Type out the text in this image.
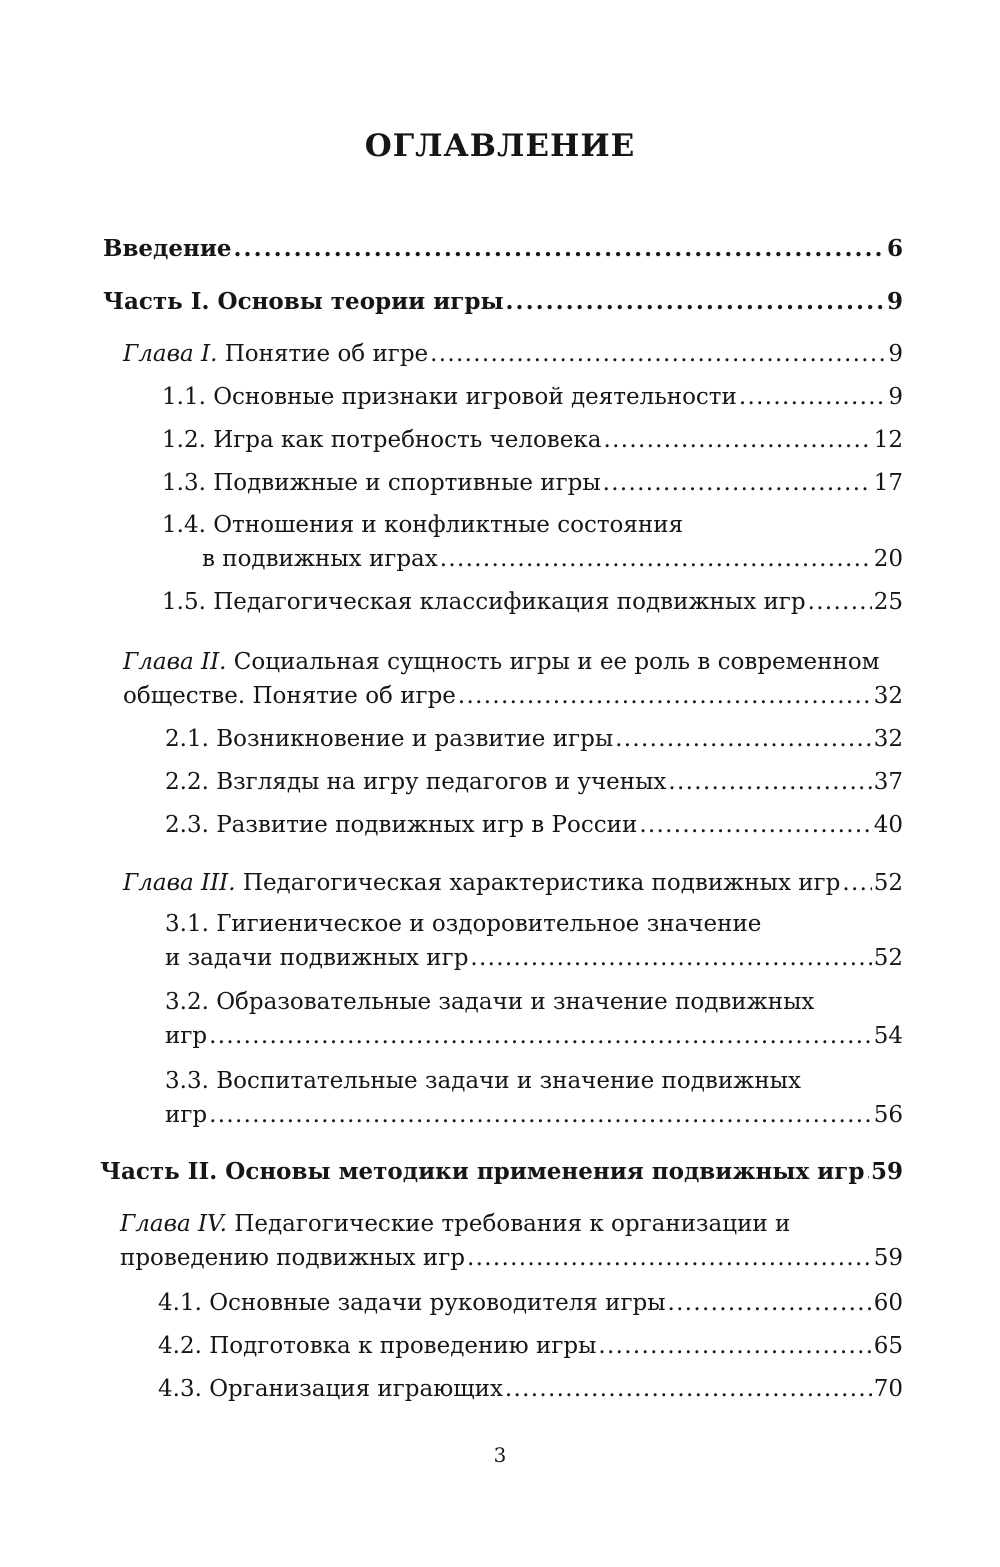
ОГЛАВЛЕНИЕ
Введение . . .	6
Часть I. Основы теории игры . . .	9
Глава I. Понятие об игре . . .	9
1.1. Основные признаки игровой деятельности . . .	9
1.2. Игра как потребность человека . . .	12
1.3. Подвижные и спортивные игры . . .	17
1.4. Отношения и конфликтные состояния
в подвижных играх . . .	20
1.5. Педагогическая классификация подвижных игр . . .	25
Глава II. Социальная сущность игры и ее роль в современном
обществе. Понятие об игре . . .	32
2.1. Возникновение и развитие игры . . .	32
2.2. Взгляды на игру педагогов и ученых . . .	37
2.3. Развитие подвижных игр в России . . .	40
Глава III. Педагогическая характеристика подвижных игр . . . 52
3.1. Гигиеническое и оздоровительное значение
и задачи подвижных игр . . .	52
3.2. Образовательные задачи и значение подвижных
игр . . .	54
3.3. Воспитательные задачи и значение подвижных
игр . . .	56
Часть II. Основы методики применения подвижных игр . . . 59
Глава IV. Педагогические требования к организации и
проведению подвижных игр . . .	59
4.1. Основные задачи руководителя игры . . .	60
4.2. Подготовка к проведению игры . . .	65
4.3. Организация играющих . . .	70
3
